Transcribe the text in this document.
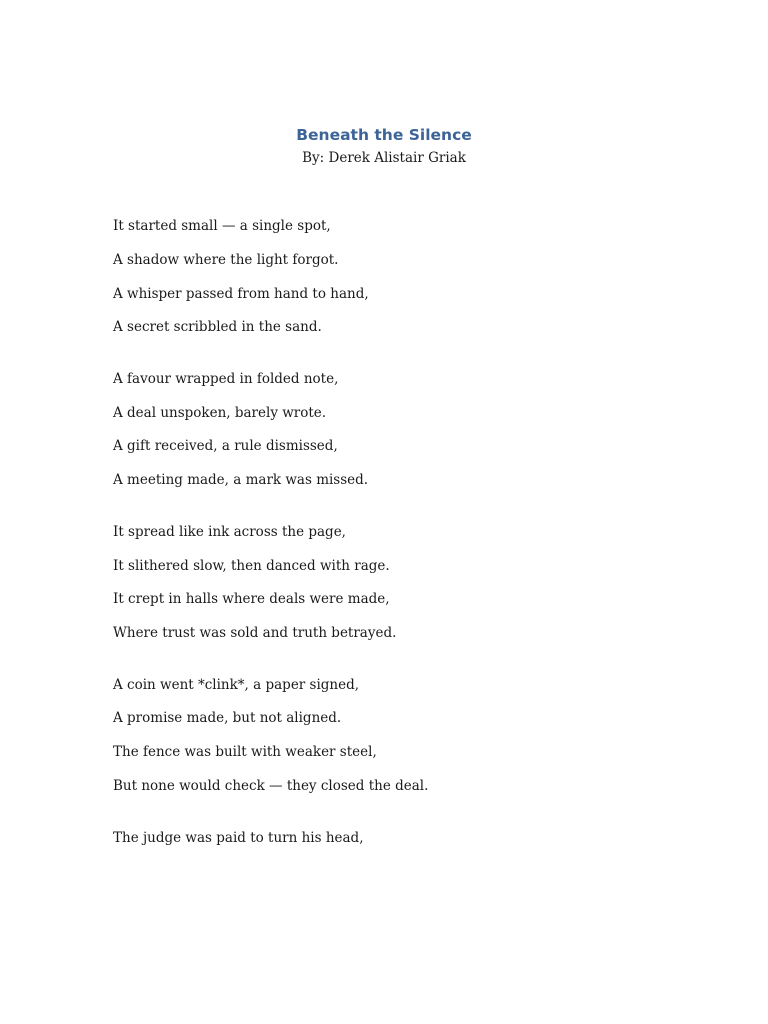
Beneath the Silence
By: Derek Alistair Griak
It started small — a single spot,
A shadow where the light forgot.
A whisper passed from hand to hand,
A secret scribbled in the sand.
A favour wrapped in folded note,
A deal unspoken, barely wrote.
A gift received, a rule dismissed,
A meeting made, a mark was missed.
It spread like ink across the page,
It slithered slow, then danced with rage.
It crept in halls where deals were made,
Where trust was sold and truth betrayed.
A coin went *clink*, a paper signed,
A promise made, but not aligned.
The fence was built with weaker steel,
But none would check — they closed the deal.
The judge was paid to turn his head,
